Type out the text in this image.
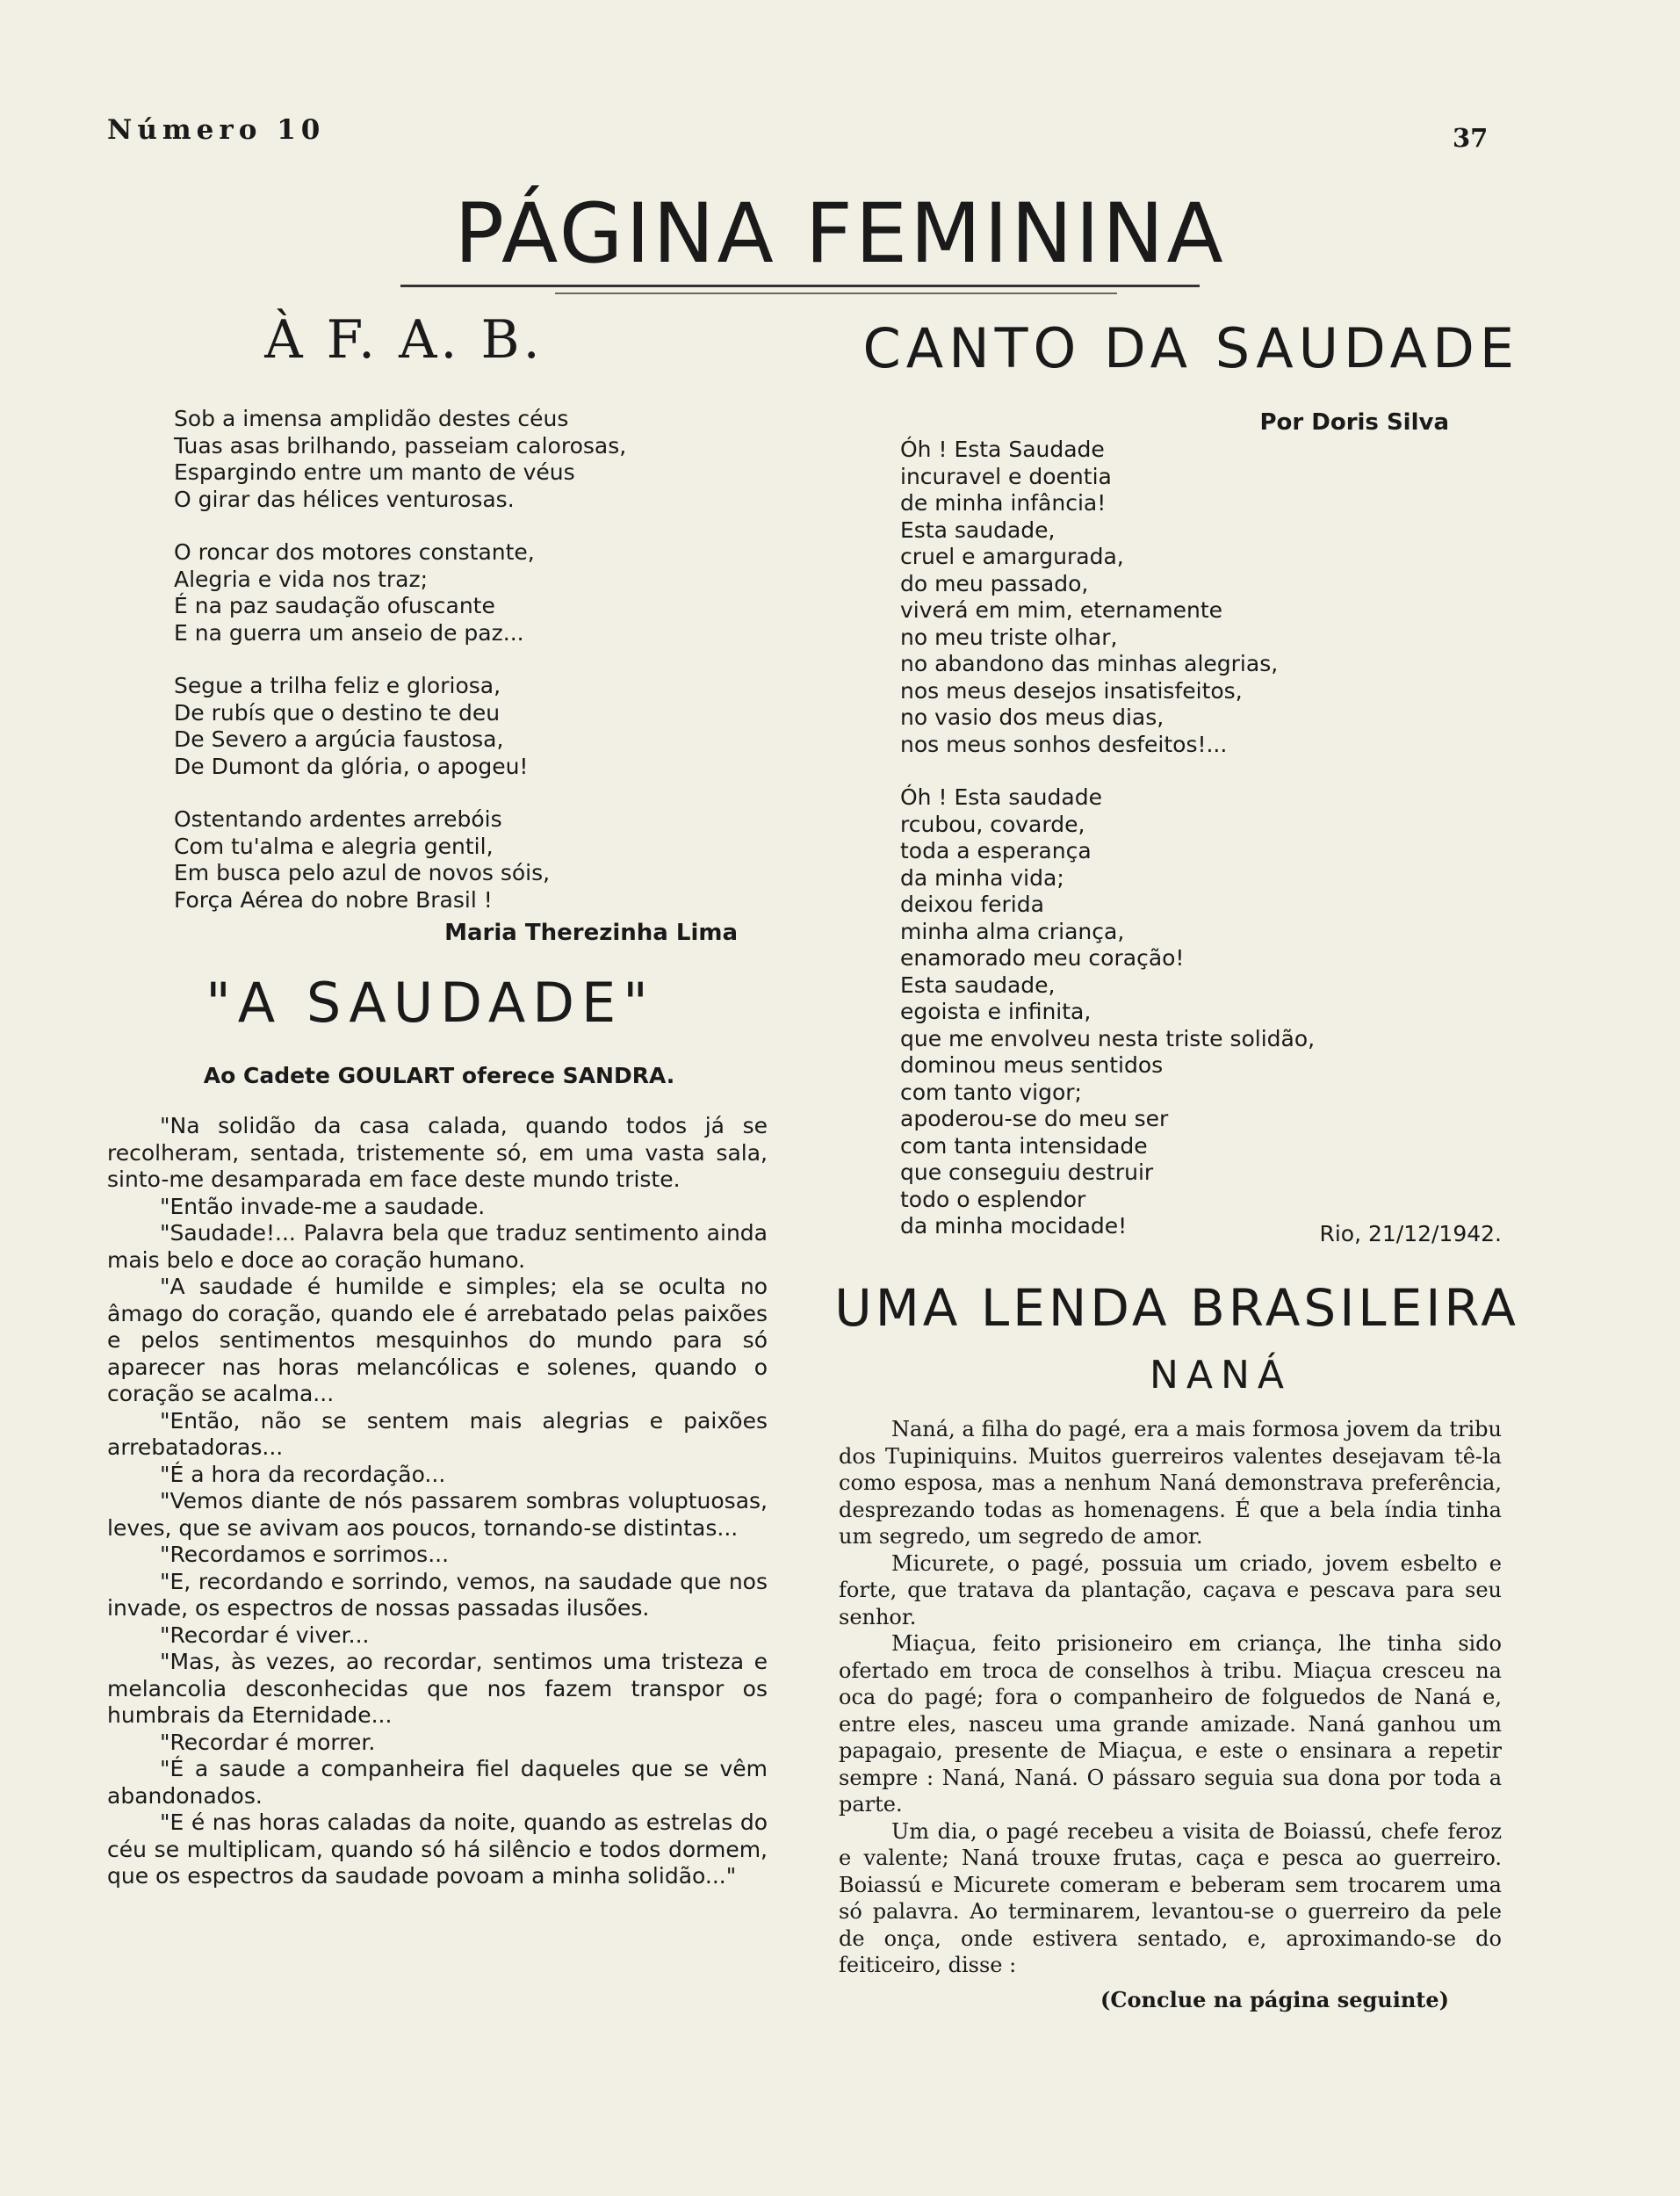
Número 10	37
PÁGINA FEMININA
À F. A. B.
Sob a imensa amplidão destes céus
Tuas asas brilhando, passeiam calorosas,
Espargindo entre um manto de véus
O girar das hélices venturosas.
O roncar dos motores constante,
Alegria e vida nos traz;
É na paz saudação ofuscante
E na guerra um anseio de paz...
Segue a trilha feliz e gloriosa,
De rubís que o destino te deu
De Severo a argúcia faustosa,
De Dumont da glória, o apogeu!
Ostentando ardentes arrebóis
Com tu'alma e alegria gentil,
Em busca pelo azul de novos sóis,
Força Aérea do nobre Brasil !
Maria Therezinha Lima
"A SAUDADE"
Ao Cadete GOULART oferece SANDRA.

"Na solidão da casa calada, quando todos já se recolheram, sentada, tristemente só, em uma vasta sala, sinto-me desamparada em face deste mundo triste.

"Então invade-me a saudade.

"Saudade!... Palavra bela que traduz sentimento ainda mais belo e doce ao coração humano.

"A saudade é humilde e simples; ela se oculta no âmago do coração, quando ele é arrebatado pelas paixões e pelos sentimentos mesquinhos do mundo para só aparecer nas horas melancólicas e solenes, quando o coração se acalma...

"Então, não se sentem mais alegrias e paixões arrebatadoras...

"É a hora da recordação...

"Vemos diante de nós passarem sombras voluptuosas, leves, que se avivam aos poucos, tornando-se distintas...

"Recordamos e sorrimos...

"E, recordando e sorrindo, vemos, na saudade que nos invade, os espectros de nossas passadas ilusões.

"Recordar é viver...

"Mas, às vezes, ao recordar, sentimos uma tristeza e melancolia desconhecidas que nos fazem transpor os humbrais da Eternidade...

"Recordar é morrer.

"É a saude a companheira fiel daqueles que se vêm abandonados.

"E é nas horas caladas da noite, quando as estrelas do céu se multiplicam, quando só há silêncio e todos dormem, que os espectros da saudade povoam a minha solidão..."

CANTO DA SAUDADE
Por Doris Silva
Óh ! Esta Saudade
incuravel e doentia
de minha infância!
Esta saudade,
cruel e amargurada,
do meu passado,
viverá em mim, eternamente
no meu triste olhar,
no abandono das minhas alegrias,
nos meus desejos insatisfeitos,
no vasio dos meus dias,
nos meus sonhos desfeitos!...
Óh ! Esta saudade
rcubou, covarde,
toda a esperança
da minha vida;
deixou ferida
minha alma criança,
enamorado meu coração!
Esta saudade,
egoista e infinita,
que me envolveu nesta triste solidão,
dominou meus sentidos
com tanto vigor;
apoderou-se do meu ser
com tanta intensidade
que conseguiu destruir
todo o esplendor
da minha mocidade!	Rio, 21/12/1942.
UMA LENDA BRASILEIRA
NANÁ

Naná, a filha do pagé, era a mais formosa jovem da tribu dos Tupiniquins. Muitos guerreiros valentes desejavam tê-la como esposa, mas a nenhum Naná demonstrava preferência, desprezando todas as homenagens. É que a bela índia tinha um segredo, um segredo de amor.

Micurete, o pagé, possuia um criado, jovem esbelto e forte, que tratava da plantação, caçava e pescava para seu senhor.

Miaçua, feito prisioneiro em criança, lhe tinha sido ofertado em troca de conselhos à tribu. Miaçua cresceu na oca do pagé; fora o companheiro de folguedos de Naná e, entre eles, nasceu uma grande amizade. Naná ganhou um papagaio, presente de Miaçua, e este o ensinara a repetir sempre : Naná, Naná. O pássaro seguia sua dona por toda a parte.

Um dia, o pagé recebeu a visita de Boiassú, chefe feroz e valente; Naná trouxe frutas, caça e pesca ao guerreiro. Boiassú e Micurete comeram e beberam sem trocarem uma só palavra. Ao terminarem, levantou-se o guerreiro da pele de onça, onde estivera sentado, e, aproximando-se do feiticeiro, disse :

(Conclue na página seguinte)
